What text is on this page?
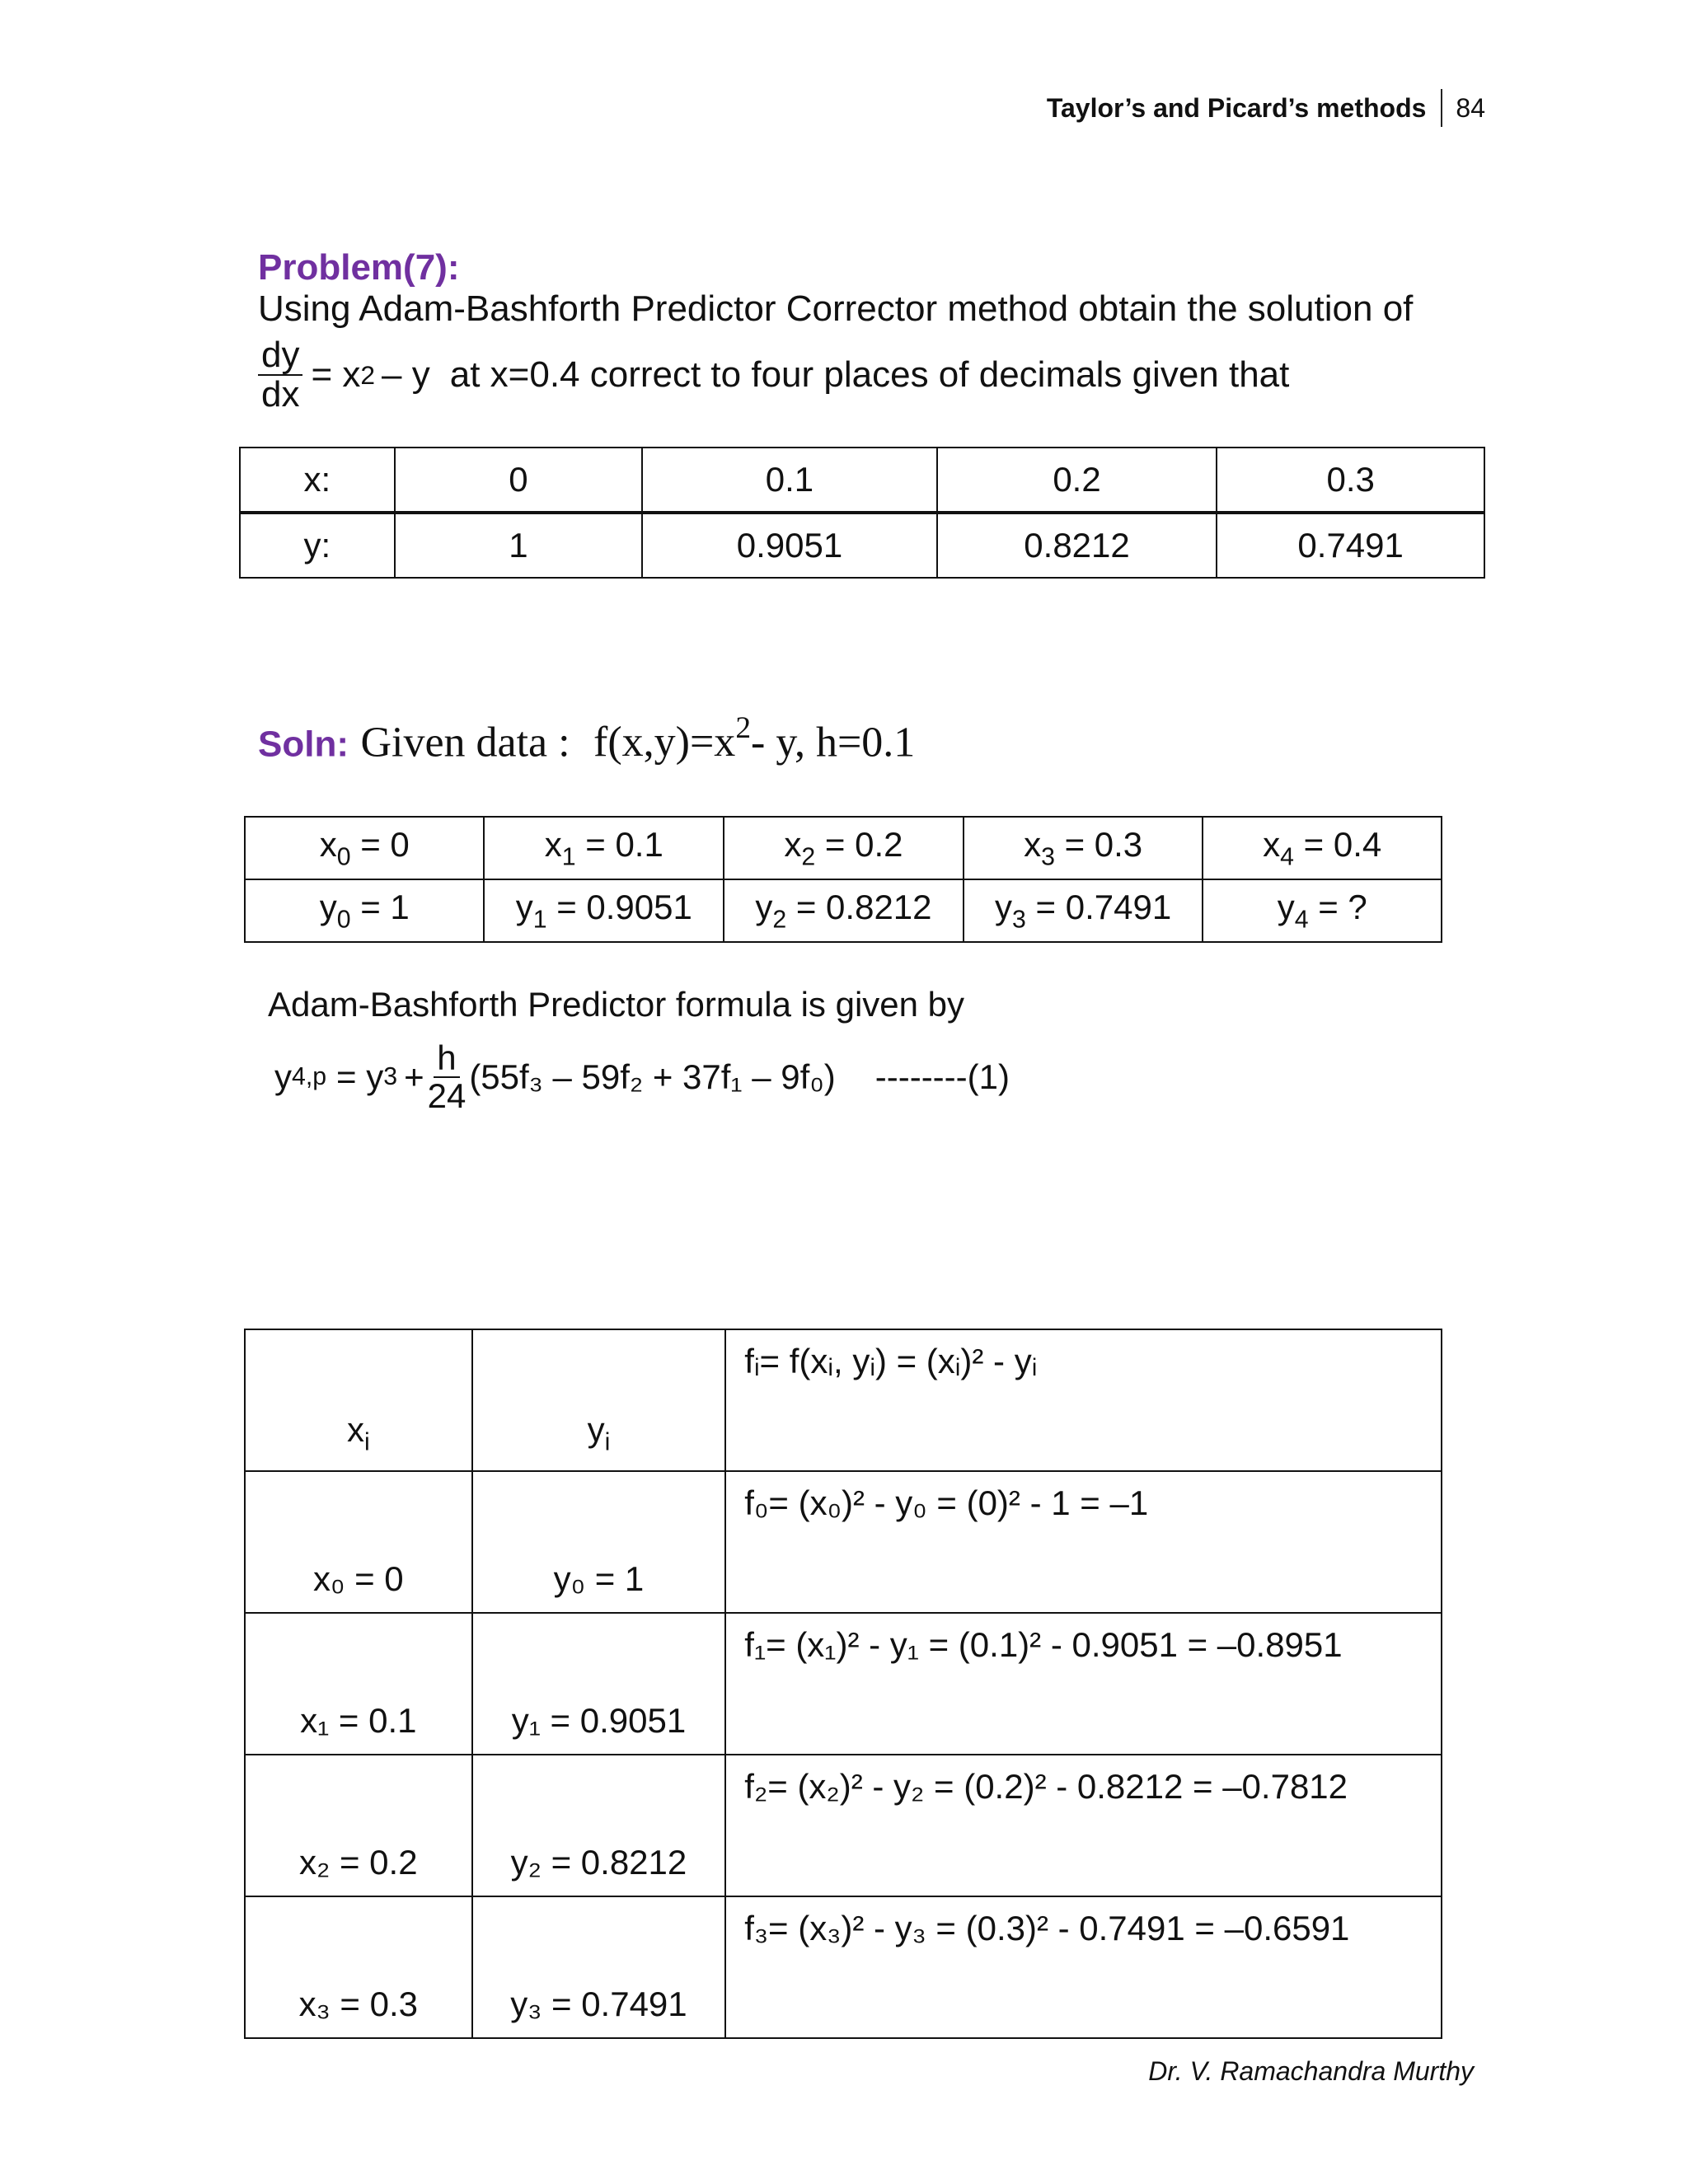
Taylor’s and Picard’s methods 84
Problem(7):
Using Adam-Bashforth Predictor Corrector method obtain the solution of
$\frac{dy}{dx} = x$ 2 – y at x=0.4 correct to four places of decimals given that
x:	0	0.1	0.2	0.3
y:	1	0.9051	0.8212	0.7491
Soln: Given data : $f(x,y)=x^2-$ y, h=0.1
$x_0 = 0$	$x_1 = 0.1$	$x_2 = 0.2$	$x_3 = 0.3$	$x_4 = 0.4$
$y_0 = 1$	$y_1 = 0.9051$	$y_2 = 0.8212$	$y_3 = 0.7491$	$y_4$ = ?
Adam-Bashforth Predictor formula is given by
y 4,p = y $3 + \frac{h}{24} (55f_3 - 59f_2 + 37f_1 - 9f_0)$ --------(1)
$x_i$	$y_i$	fᵢ= f(xᵢ, yᵢ) = (xᵢ)² - yᵢ
x₀ = 0	y₀ = 1	f₀= (x₀)² - y₀ = (0)² - 1 = –1
x₁ = 0.1	y₁ = 0.9051	f₁= (x₁)² - y₁ = (0.1)² - 0.9051 = –0.8951
x₂ = 0.2	y₂ = 0.8212	f₂= (x₂)² - y₂ = (0.2)² - 0.8212 = –0.7812
x₃ = 0.3	y₃ = 0.7491	f₃= (x₃)² - y₃ = (0.3)² - 0.7491 = –0.6591
Dr. V. Ramachandra Murthy
